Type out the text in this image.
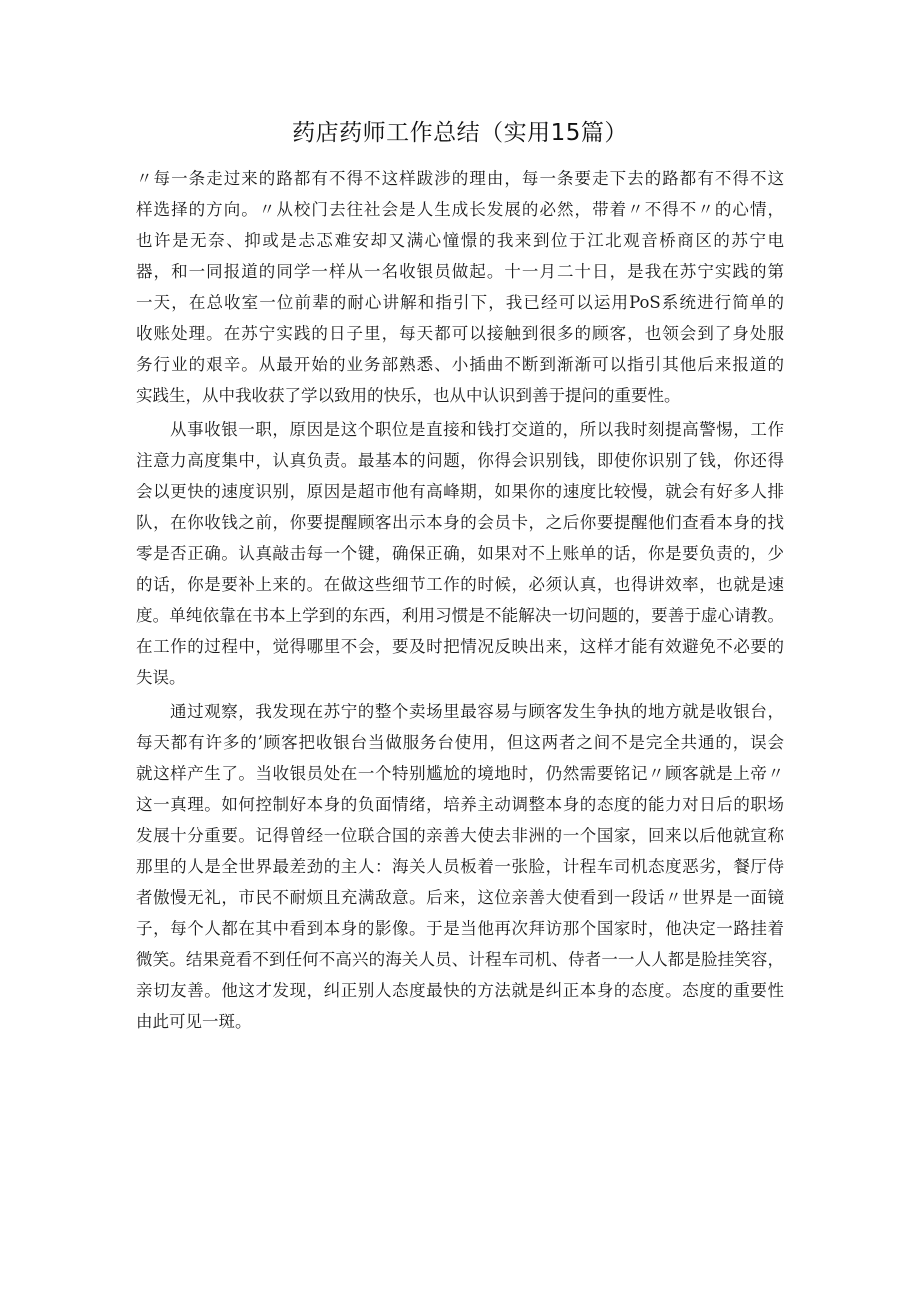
药店药师工作总结（实用15篇）
〃每一条走过来的路都有不得不这样跋涉的理由，每一条要走下去的路都有不得不这
样选择的方向。〃从校门去往社会是人生成长发展的必然，带着〃不得不〃的心情，
也许是无奈、抑或是忐忑难安却又满心憧憬的我来到位于江北观音桥商区的苏宁电
器，和一同报道的同学一样从一名收银员做起。十一月二十日，是我在苏宁实践的第
一天，在总收室一位前辈的耐心讲解和指引下，我已经可以运用PoS系统进行简单的
收账处理。在苏宁实践的日子里，每天都可以接触到很多的顾客，也领会到了身处服
务行业的艰辛。从最开始的业务部熟悉、小插曲不断到渐渐可以指引其他后来报道的
实践生，从中我收获了学以致用的快乐，也从中认识到善于提问的重要性。
从事收银一职，原因是这个职位是直接和钱打交道的，所以我时刻提高警惕，工作
注意力高度集中，认真负责。最基本的问题，你得会识别钱，即使你识别了钱，你还得
会以更快的速度识别，原因是超市他有高峰期，如果你的速度比较慢，就会有好多人排
队，在你收钱之前，你要提醒顾客出示本身的会员卡，之后你要提醒他们查看本身的找
零是否正确。认真敲击每一个键，确保正确，如果对不上账单的话，你是要负责的，少
的话，你是要补上来的。在做这些细节工作的时候，必须认真，也得讲效率，也就是速
度。单纯依靠在书本上学到的东西，利用习惯是不能解决一切问题的，要善于虚心请教。
在工作的过程中，觉得哪里不会，要及时把情况反映出来，这样才能有效避免不必要的
失误。
通过观察，我发现在苏宁的整个卖场里最容易与顾客发生争执的地方就是收银台，
每天都有许多的’顾客把收银台当做服务台使用，但这两者之间不是完全共通的，误会
就这样产生了。当收银员处在一个特别尴尬的境地时，仍然需要铭记〃顾客就是上帝〃
这一真理。如何控制好本身的负面情绪，培养主动调整本身的态度的能力对日后的职场
发展十分重要。记得曾经一位联合国的亲善大使去非洲的一个国家，回来以后他就宣称
那里的人是全世界最差劲的主人：海关人员板着一张脸，计程车司机态度恶劣，餐厅侍
者傲慢无礼，市民不耐烦且充满敌意。后来，这位亲善大使看到一段话〃世界是一面镜
子，每个人都在其中看到本身的影像。于是当他再次拜访那个国家时，他决定一路挂着
微笑。结果竟看不到任何不高兴的海关人员、计程车司机、侍者一一人人都是脸挂笑容，
亲切友善。他这才发现，纠正别人态度最快的方法就是纠正本身的态度。态度的重要性
由此可见一斑。
